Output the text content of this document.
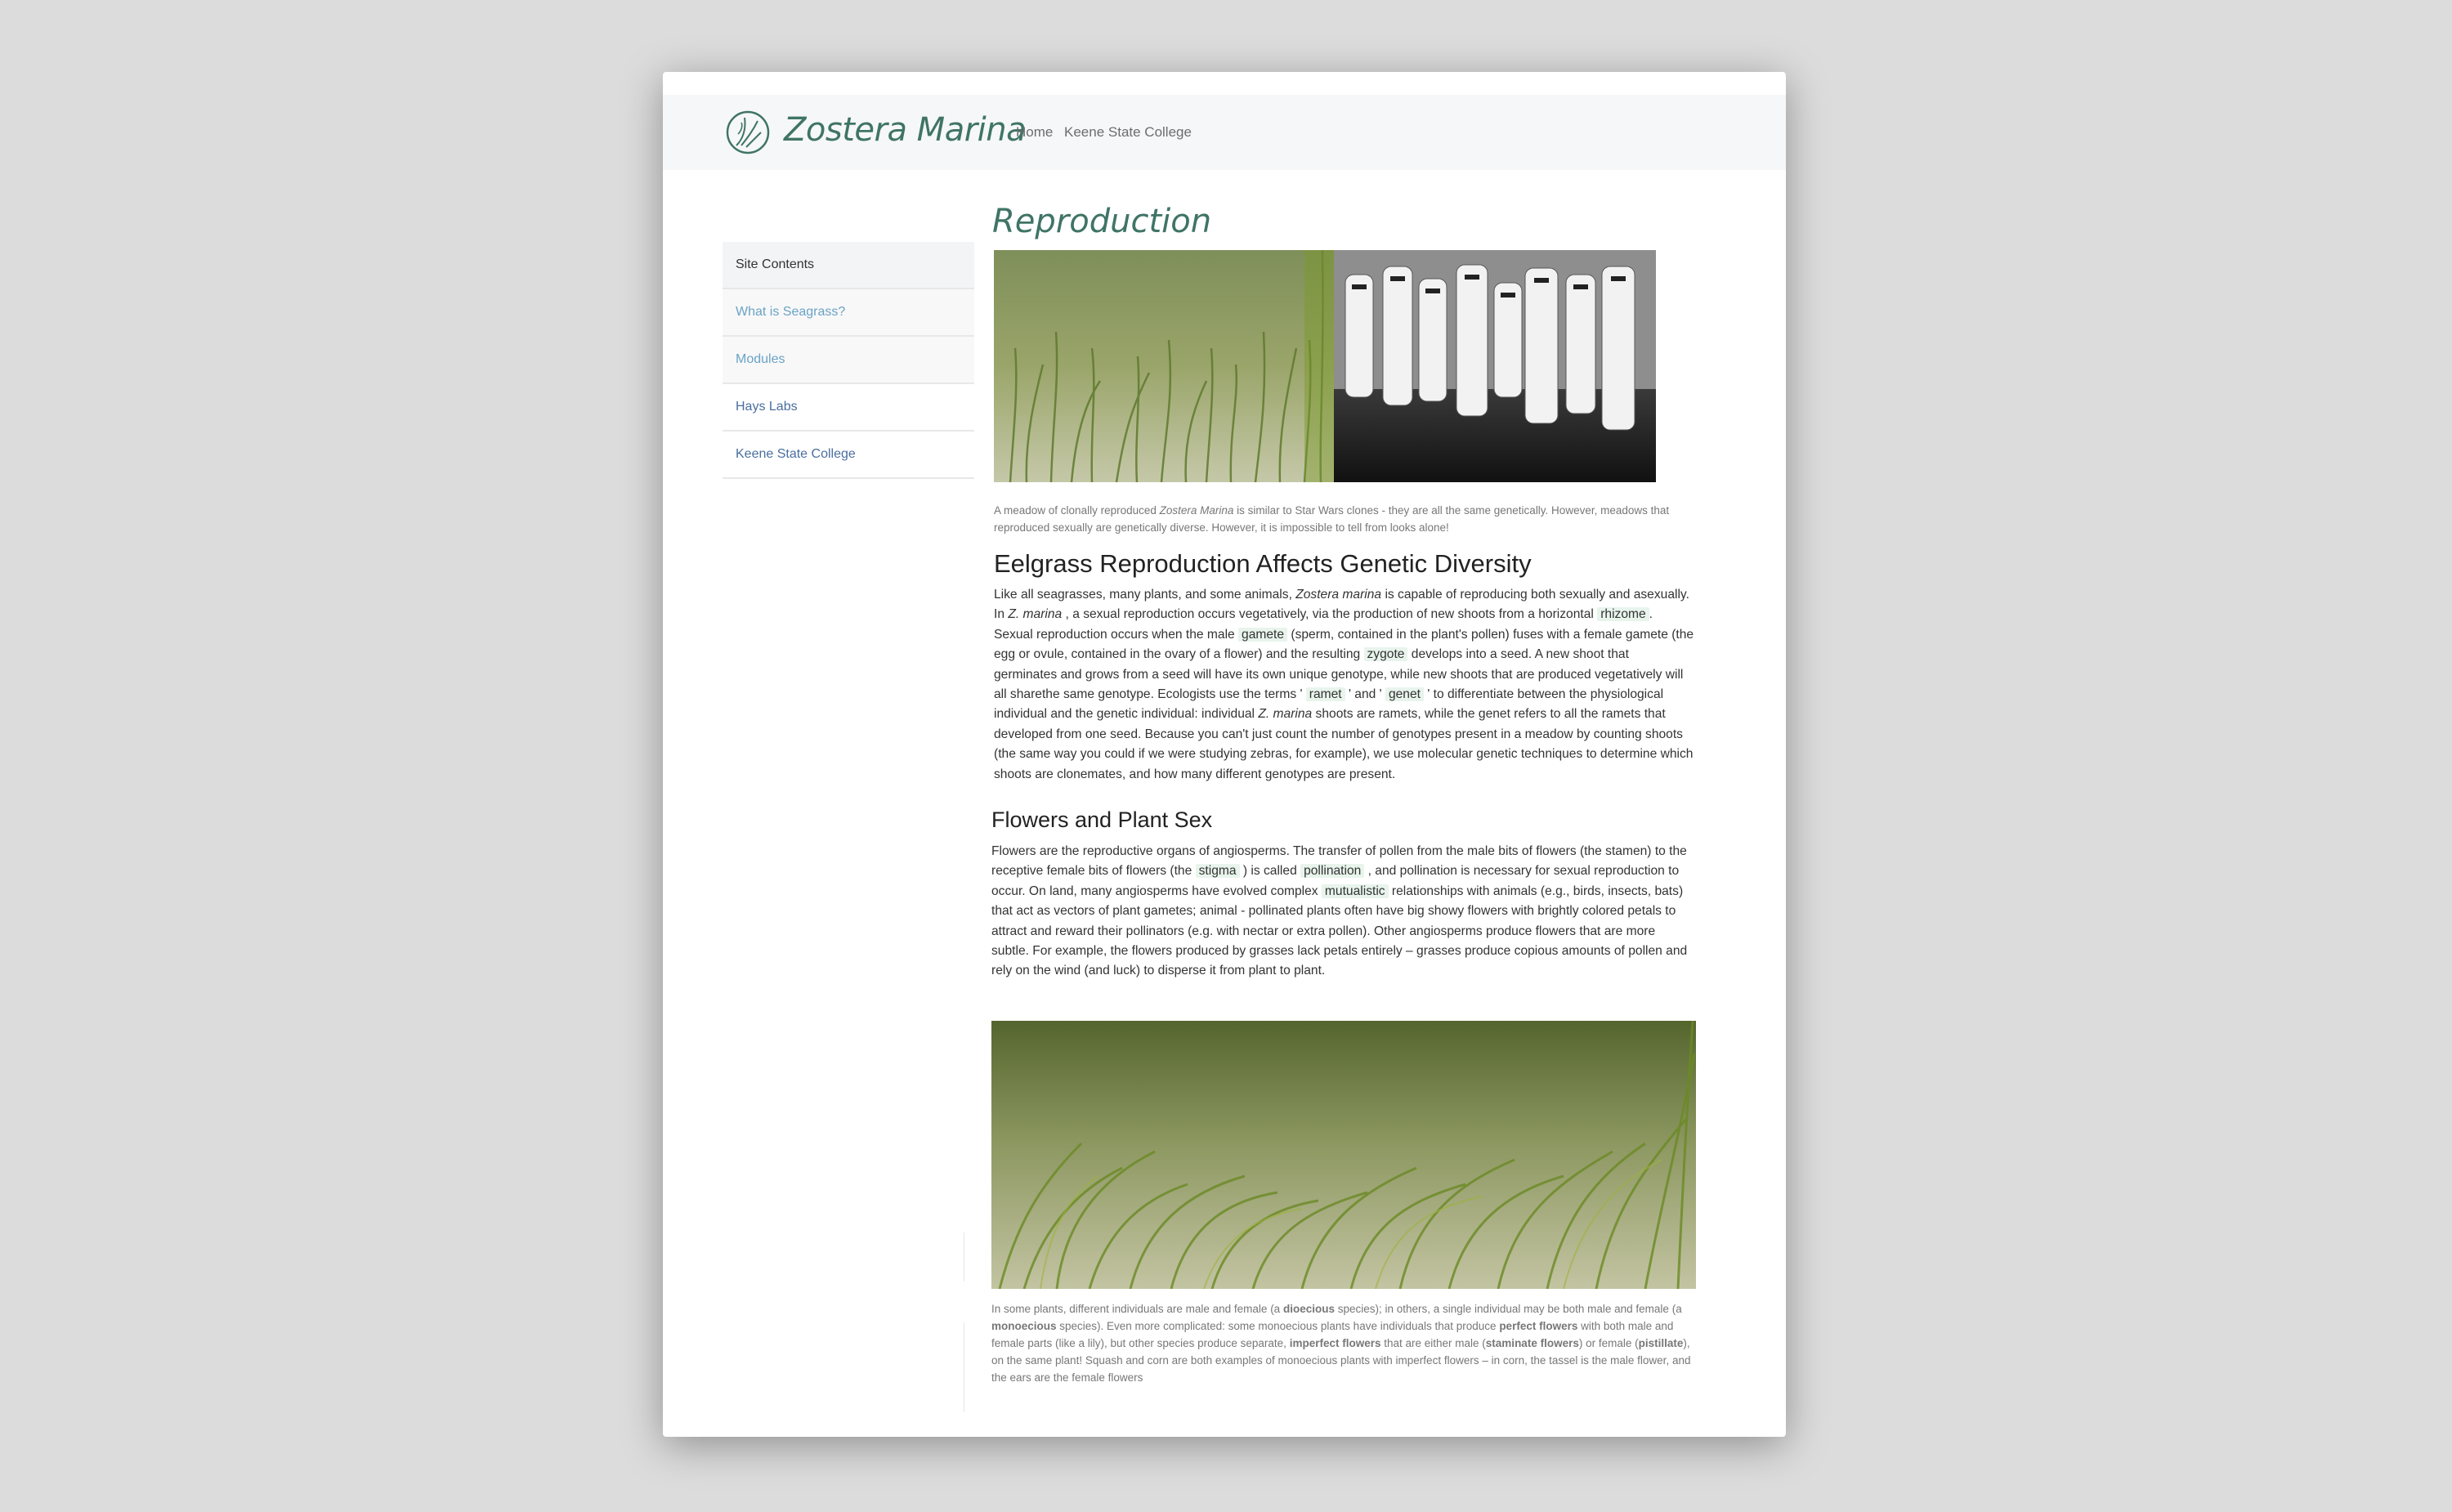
Zostera Marina
Home Keene State College
Site Contents
What is Seagrass?
Modules
Hays Labs
Keene State College
Reproduction
A meadow of clonally reproduced Zostera Marina is similar to Star Wars clones - they are all the same genetically. However, meadows that reproduced sexually are genetically diverse. However, it is impossible to tell from looks alone!
Eelgrass Reproduction Affects Genetic Diversity
Like all seagrasses, many plants, and some animals, Zostera marina is capable of reproducing both sexually and asexually. In Z. marina , a sexual reproduction occurs vegetatively, via the production of new shoots from a horizontal rhizome . Sexual reproduction occurs when the male gamete (sperm, contained in the plant's pollen) fuses with a female gamete (the egg or ovule, contained in the ovary of a flower) and the resulting zygote develops into a seed. A new shoot that germinates and grows from a seed will have its own unique genotype, while new shoots that are produced vegetatively will all sharethe same genotype. Ecologists use the terms ' ramet ' and ' genet ' to differentiate between the physiological individual and the genetic individual: individual Z. marina shoots are ramets, while the genet refers to all the ramets that developed from one seed. Because you can't just count the number of genotypes present in a meadow by counting shoots (the same way you could if we were studying zebras, for example), we use molecular genetic techniques to determine which shoots are clonemates, and how many different genotypes are present.
Flowers and Plant Sex
Flowers are the reproductive organs of angiosperms. The transfer of pollen from the male bits of flowers (the stamen) to the receptive female bits of flowers (the stigma ) is called pollination , and pollination is necessary for sexual reproduction to occur. On land, many angiosperms have evolved complex mutualistic relationships with animals (e.g., birds, insects, bats) that act as vectors of plant gametes; animal - pollinated plants often have big showy flowers with brightly colored petals to attract and reward their pollinators (e.g. with nectar or extra pollen). Other angiosperms produce flowers that are more subtle. For example, the flowers produced by grasses lack petals entirely – grasses produce copious amounts of pollen and rely on the wind (and luck) to disperse it from plant to plant.
In some plants, different individuals are male and female (a dioecious species); in others, a single individual may be both male and female (a monoecious species). Even more complicated: some monoecious plants have individuals that produce perfect flowers with both male and female parts (like a lily), but other species produce separate, imperfect flowers that are either male (staminate flowers) or female (pistillate), on the same plant! Squash and corn are both examples of monoecious plants with imperfect flowers – in corn, the tassel is the male flower, and the ears are the female flowers
